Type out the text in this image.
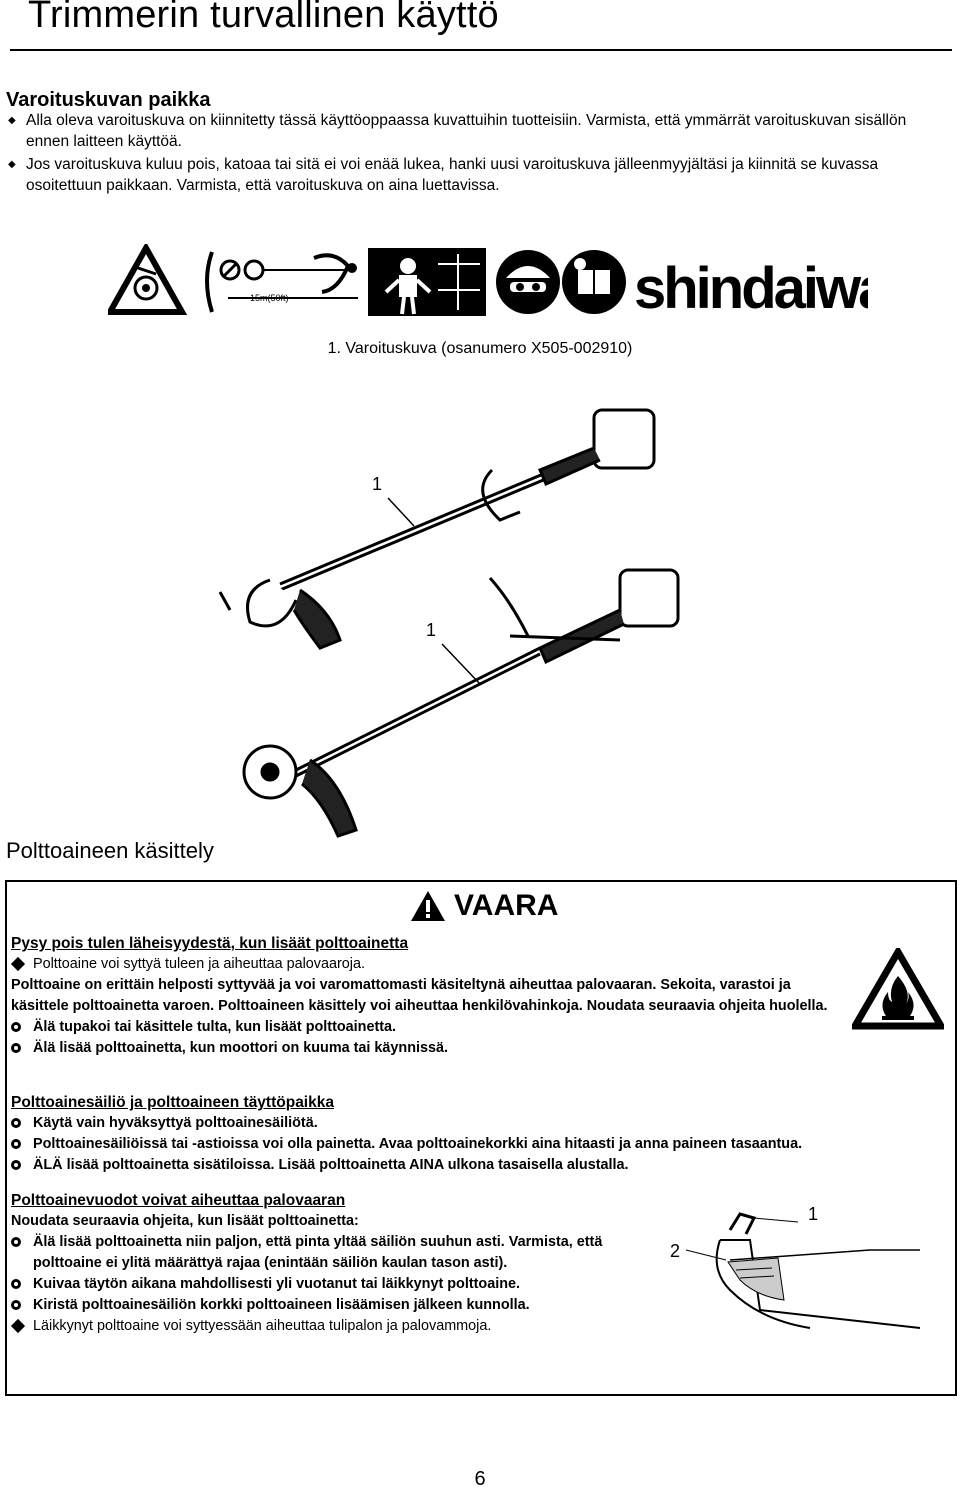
Trimmerin turvallinen käyttö
Varoituskuvan paikka
◆ Alla oleva varoituskuva on kiinnitetty tässä käyttöoppaassa kuvattuihin tuotteisiin. Varmista, että ymmärrät varoituskuvan sisällön ennen laitteen käyttöä.
◆ Jos varoituskuva kuluu pois, katoaa tai sitä ei voi enää lukea, hanki uusi varoituskuva jälleenmyyjältäsi ja kiinnitä se kuvassa osoitettuun paikkaan. Varmista, että varoituskuva on aina luettavissa.
15m(50ft)	shindaiwa
1. Varoituskuva (osanumero X505-002910)
1
1
Polttoaineen käsittely
VAARA
Pysy pois tulen läheisyydestä, kun lisäät polttoainetta
Polttoaine voi syttyä tuleen ja aiheuttaa palovaaroja.
Polttoaine on erittäin helposti syttyvää ja voi varomattomasti käsiteltynä aiheuttaa palovaaran. Sekoita, varastoi ja käsittele polttoainetta varoen. Polttoaineen käsittely voi aiheuttaa henkilövahinkoja. Noudata seuraavia ohjeita huolella.
Älä tupakoi tai käsittele tulta, kun lisäät polttoainetta.
Älä lisää polttoainetta, kun moottori on kuuma tai käynnissä.
Polttoainesäiliö ja polttoaineen täyttöpaikka
Käytä vain hyväksyttyä polttoainesäiliötä.
Polttoainesäiliöissä tai -astioissa voi olla painetta. Avaa polttoainekorkki aina hitaasti ja anna paineen tasaantua.
ÄLÄ lisää polttoainetta sisätiloissa. Lisää polttoainetta AINA ulkona tasaisella alustalla.
Polttoainevuodot voivat aiheuttaa palovaaran
Noudata seuraavia ohjeita, kun lisäät polttoainetta:
Älä lisää polttoainetta niin paljon, että pinta yltää säiliön suuhun asti. Varmista, että polttoaine ei ylitä määrättyä rajaa (enintään säiliön kaulan tason asti).
Kuivaa täytön aikana mahdollisesti yli vuotanut tai läikkynyt polttoaine.
Kiristä polttoainesäiliön korkki polttoaineen lisäämisen jälkeen kunnolla.
Läikkynyt polttoaine voi syttyessään aiheuttaa tulipalon ja palovammoja.
1
2
6
